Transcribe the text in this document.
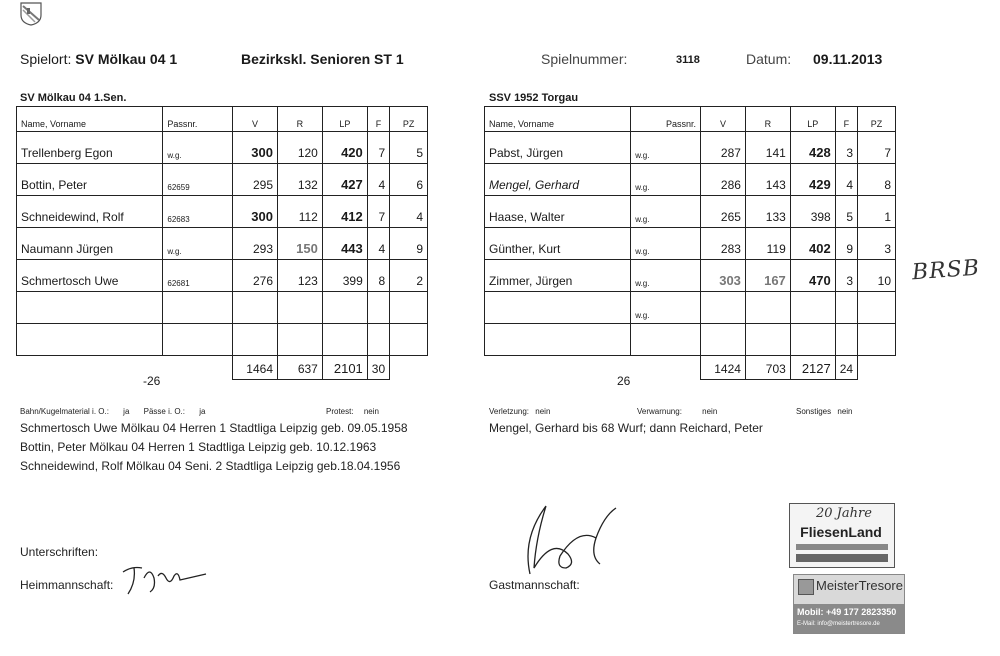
Spielort: SV Mölkau 04 1	Bezirkskl. Senioren ST 1	Spielnummer:	3118	Datum: 09.11.2013
SV Mölkau 04 1.Sen.
Name, Vorname	Passnr.	V	R	LP	F	PZ
Trellenberg Egon	w.g.	300	120	420	7	5
Bottin, Peter	62659	295	132	427	4	6
Schneidewind, Rolf	62683	300	112	412	7	4
Naumann Jürgen	w.g.	293	150	443	4	9
Schmertosch Uwe	62681	276	123	399	8	2

		1464	637	2101	30	
-26
SSV 1952 Torgau
Name, Vorname	Passnr.	V	R	LP	F	PZ
Pabst, Jürgen	w.g.	287	141	428	3	7
Mengel, Gerhard	w.g.	286	143	429	4	8
Haase, Walter	w.g.	265	133	398	5	1
Günther, Kurt	w.g.	283	119	402	9	3
Zimmer, Jürgen	w.g.	303	167	470	3	10
	w.g.					

		1424	703	2127	24	
26
BRSB
Bahn/Kugelmaterial i. O.: ja Pässe i. O.: ja	Protest: nein	Verletzung: nein	Verwarnung:	nein	Sonstiges nein
Schmertosch Uwe Mölkau 04 Herren 1 Stadtliga Leipzig geb. 09.05.1958
Bottin, Peter Mölkau 04 Herren 1 Stadtliga Leipzig geb. 10.12.1963
Schneidewind, Rolf Mölkau 04 Seni. 2 Stadtliga Leipzig geb.18.04.1956
Mengel, Gerhard bis 68 Wurf; dann Reichard, Peter
Unterschriften:
Heimmannschaft:	Gastmannschaft:
20 Jahre
FliesenLand
MeisterTresore
Mobil: +49 177 2823350
E-Mail: info@meistertresore.de
